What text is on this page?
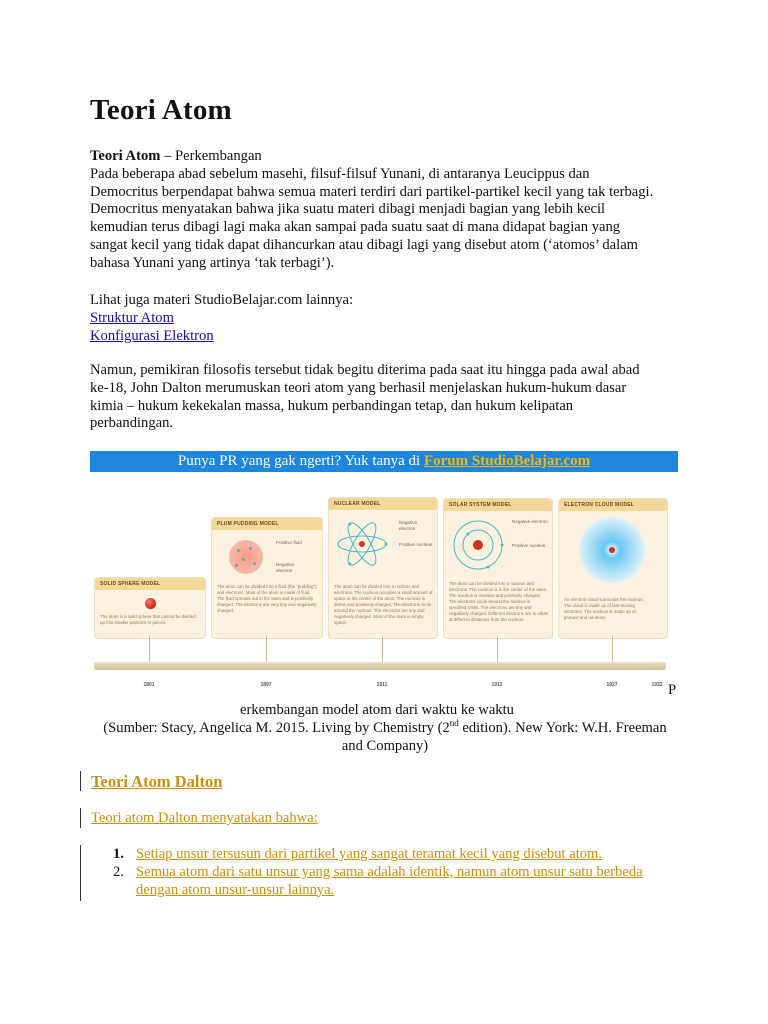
Teori Atom
Teori Atom – Perkembangan
Pada beberapa abad sebelum masehi, filsuf-filsuf Yunani, di antaranya Leucippus dan
Democritus berpendapat bahwa semua materi terdiri dari partikel-partikel kecil yang tak terbagi.
Democritus menyatakan bahwa jika suatu materi dibagi menjadi bagian yang lebih kecil
kemudian terus dibagi lagi maka akan sampai pada suatu saat di mana didapat bagian yang
sangat kecil yang tidak dapat dihancurkan atau dibagi lagi yang disebut atom (‘atomos’ dalam
bahasa Yunani yang artinya ‘tak terbagi’).
Lihat juga materi StudioBelajar.com lainnya:
Struktur Atom
Konfigurasi Elektron
Namun, pemikiran filosofis tersebut tidak begitu diterima pada saat itu hingga pada awal abad
ke-18, John Dalton merumuskan teori atom yang berhasil menjelaskan hukum-hukum dasar
kimia – hukum kekekalan massa, hukum perbandingan tetap, dan hukum kelipatan
perbandingan.
Punya PR yang gak ngerti? Yuk tanya di Forum StudioBelajar.com
SOLID SPHERE MODEL
The atom is a solid sphere that cannot be divided up into smaller particles or pieces.
PLUM PUDDING MODEL
Positive fluid
Negative electron
The atom can be divided into a fluid (the "pudding") and electrons. Most of the atom is made of fluid. The fluid spreads out in the atom and is positively charged. The electrons are very tiny and negatively charged.
NUCLEAR MODEL
Negative electron
Positive nucleus
The atom can be divided into a nucleus and electrons. The nucleus occupies a small amount of space in the center of the atom. The nucleus is dense and positively charged. The electrons circle around the nucleus. The electrons are tiny and negatively charged. Most of the atom is empty space.
SOLAR SYSTEM MODEL
Negative electron
Positive nucleus
The atom can be divided into a nucleus and electrons. The nucleus is in the center of the atom. The nucleus is massive and positively charged. The electrons circle around the nucleus in specified orbits. The electrons are tiny and negatively charged. Different electrons are in orbits at different distances from the nucleus.
ELECTRON CLOUD MODEL
An electron cloud surrounds the nucleus. The cloud is made up of fast-moving electrons. The nucleus is made up of protons and neutrons.
1801	1897	1911	1913	1927	1932 P
erkembangan model atom dari waktu ke waktu
(Sumber: Stacy, Angelica M. 2015. Living by Chemistry (2nd edition). New York: W.H. Freeman
and Company)
Teori Atom Dalton
Teori atom Dalton menyatakan bahwa:
1. Setiap unsur tersusun dari partikel yang sangat teramat kecil yang disebut atom.
2. Semua atom dari satu unsur yang sama adalah identik, namun atom unsur satu berbeda
dengan atom unsur-unsur lainnya.
